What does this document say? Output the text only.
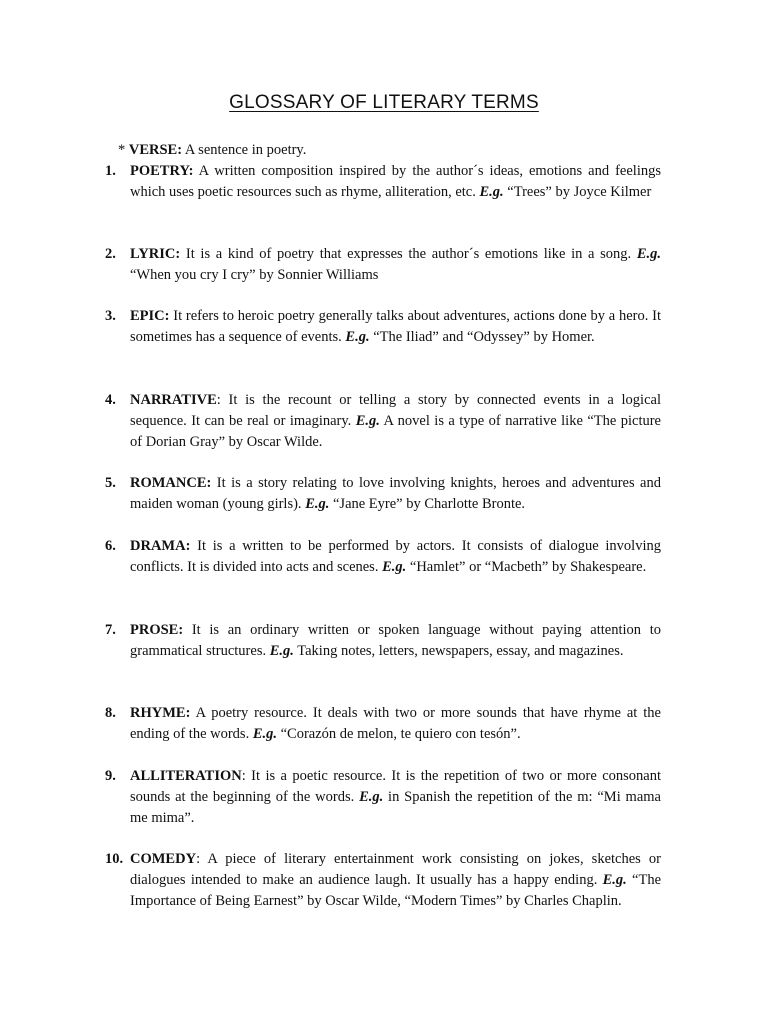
GLOSSARY OF LITERARY TERMS
* VERSE: A sentence in poetry.
1. POETRY: A written composition inspired by the author´s ideas, emotions and feelings which uses poetic resources such as rhyme, alliteration, etc. E.g. “Trees” by Joyce Kilmer
2. LYRIC: It is a kind of poetry that expresses the author´s emotions like in a song. E.g. “When you cry I cry” by Sonnier Williams
3. EPIC: It refers to heroic poetry generally talks about adventures, actions done by a hero. It sometimes has a sequence of events. E.g. “The Iliad” and “Odyssey” by Homer.
4. NARRATIVE: It is the recount or telling a story by connected events in a logical sequence. It can be real or imaginary. E.g. A novel is a type of narrative like “The picture of Dorian Gray” by Oscar Wilde.
5. ROMANCE: It is a story relating to love involving knights, heroes and adventures and maiden woman (young girls). E.g. “Jane Eyre” by Charlotte Bronte.
6. DRAMA: It is a written to be performed by actors. It consists of dialogue involving conflicts. It is divided into acts and scenes. E.g. “Hamlet” or “Macbeth” by Shakespeare.
7. PROSE: It is an ordinary written or spoken language without paying attention to grammatical structures. E.g. Taking notes, letters, newspapers, essay, and magazines.
8. RHYME: A poetry resource. It deals with two or more sounds that have rhyme at the ending of the words. E.g. “Corazón de melon, te quiero con tesón”.
9. ALLITERATION: It is a poetic resource. It is the repetition of two or more consonant sounds at the beginning of the words. E.g. in Spanish the repetition of the m: “Mi mama me mima”.
10. COMEDY: A piece of literary entertainment work consisting on jokes, sketches or dialogues intended to make an audience laugh. It usually has a happy ending. E.g. “The Importance of Being Earnest” by Oscar Wilde, “Modern Times” by Charles Chaplin.
